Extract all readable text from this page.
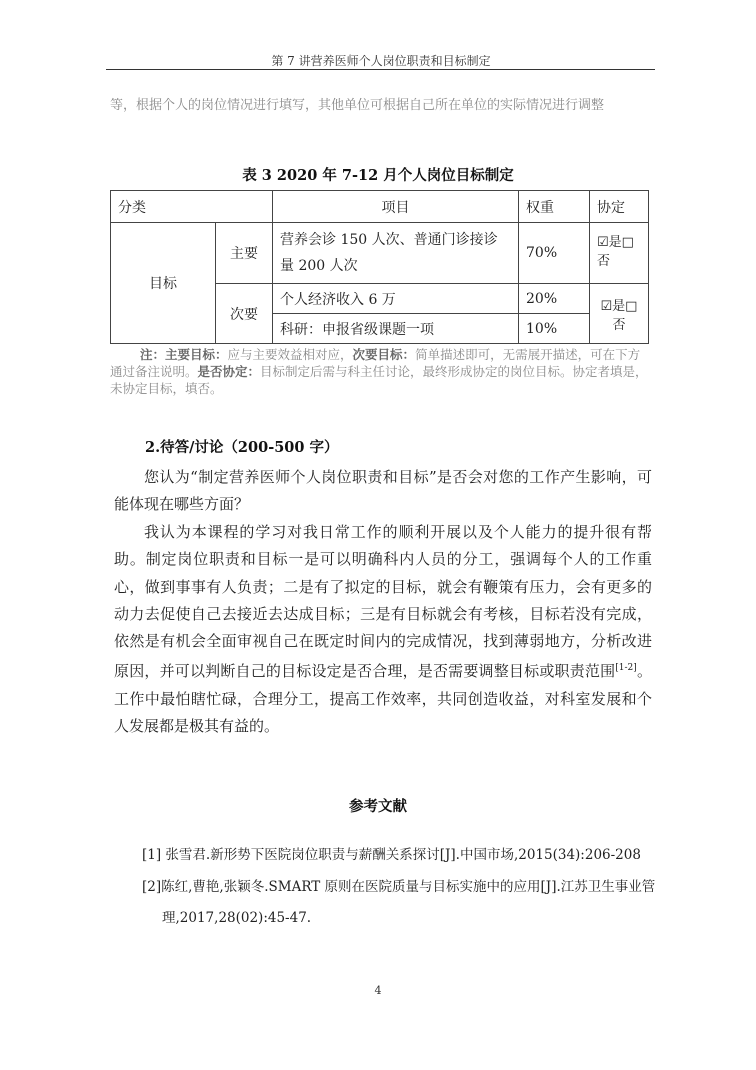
第 7 讲营养医师个人岗位职责和目标制定
等，根据个人的岗位情况进行填写，其他单位可根据自己所在单位的实际情况进行调整
表 3 2020 年 7-12 月个人岗位目标制定
分类		项目	权重	协定
目标	主要	营养会诊 150 人次、普通门诊接诊量 200 人次	70%	☑是□否
	次要	个人经济收入 6 万	20%	☑是□否
		科研：申报省级课题一项	10%	
注：主要目标：应与主要效益相对应，次要目标：简单描述即可，无需展开描述，可在下方通过备注说明。是否协定：目标制定后需与科主任讨论，最终形成协定的岗位目标。协定者填是，未协定目标，填否。
2.待答/讨论（200-500 字）
您认为“制定营养医师个人岗位职责和目标”是否会对您的工作产生影响，可能体现在哪些方面？
我认为本课程的学习对我日常工作的顺利开展以及个人能力的提升很有帮助。制定岗位职责和目标一是可以明确科内人员的分工，强调每个人的工作重心，做到事事有人负责；二是有了拟定的目标，就会有鞭策有压力，会有更多的动力去促使自己去接近去达成目标；三是有目标就会有考核，目标若没有完成，依然是有机会全面审视自己在既定时间内的完成情况，找到薄弱地方，分析改进原因，并可以判断自己的目标设定是否合理，是否需要调整目标或职责范围[1-2]。工作中最怕瞎忙碌，合理分工，提高工作效率，共同创造收益，对科室发展和个人发展都是极其有益的。
参考文献
[1] 张雪君.新形势下医院岗位职责与薪酬关系探讨[J].中国市场,2015(34):206-208
[2]陈红,曹艳,张颖冬.SMART 原则在医院质量与目标实施中的应用[J].江苏卫生事业管
理,2017,28(02):45-47.
4
